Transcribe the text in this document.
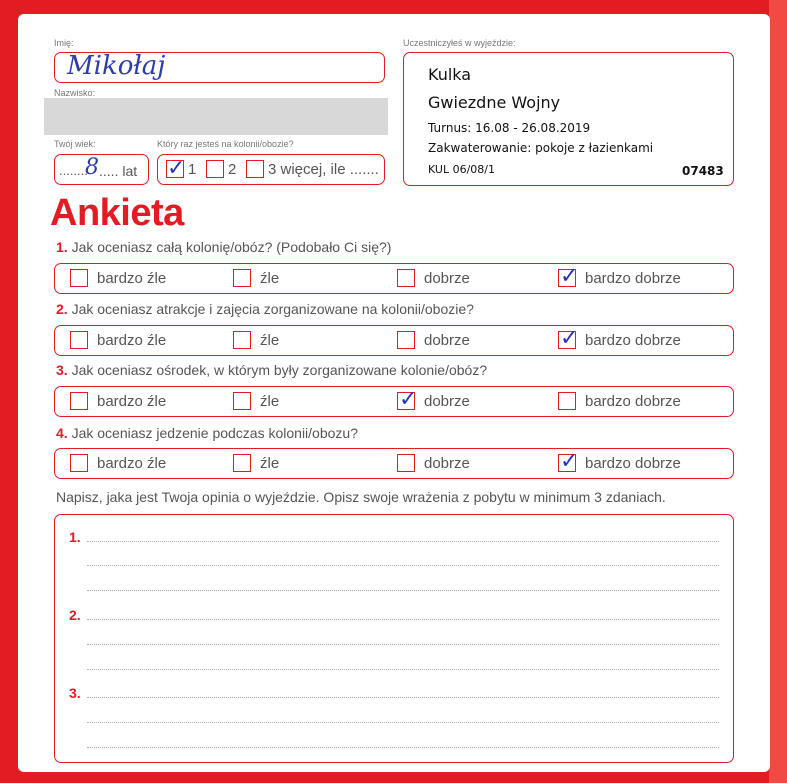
Imię:
Mikołaj
Nazwisko:
Twój wiek:
........
8 ..... lat
Który raz jesteś na kolonii/obozie?
✓ 1 2 3 więcej, ile .......
Uczestniczyłeś w wyjeździe:
Kulka
Gwiezdne Wojny
Turnus: 16.08 - 26.08.2019
Zakwaterowanie: pokoje z łazienkami
KUL 06/08/1	07483
Ankieta
1. Jak oceniasz całą kolonię/obóz? (Podobało Ci się?)
bardzo źle	źle	dobrze	✓ bardzo dobrze
2. Jak oceniasz atrakcje i zajęcia zorganizowane na kolonii/obozie?
bardzo źle	źle	dobrze	✓ bardzo dobrze
3. Jak oceniasz ośrodek, w którym były zorganizowane kolonie/obóz?
bardzo źle	źle	✓ dobrze	bardzo dobrze
4. Jak oceniasz jedzenie podczas kolonii/obozu?
bardzo źle	źle	dobrze	✓ bardzo dobrze
Napisz, jaka jest Twoja opinia o wyjeździe. Opisz swoje wrażenia z pobytu w minimum 3 zdaniach.
1.
2.
3.
